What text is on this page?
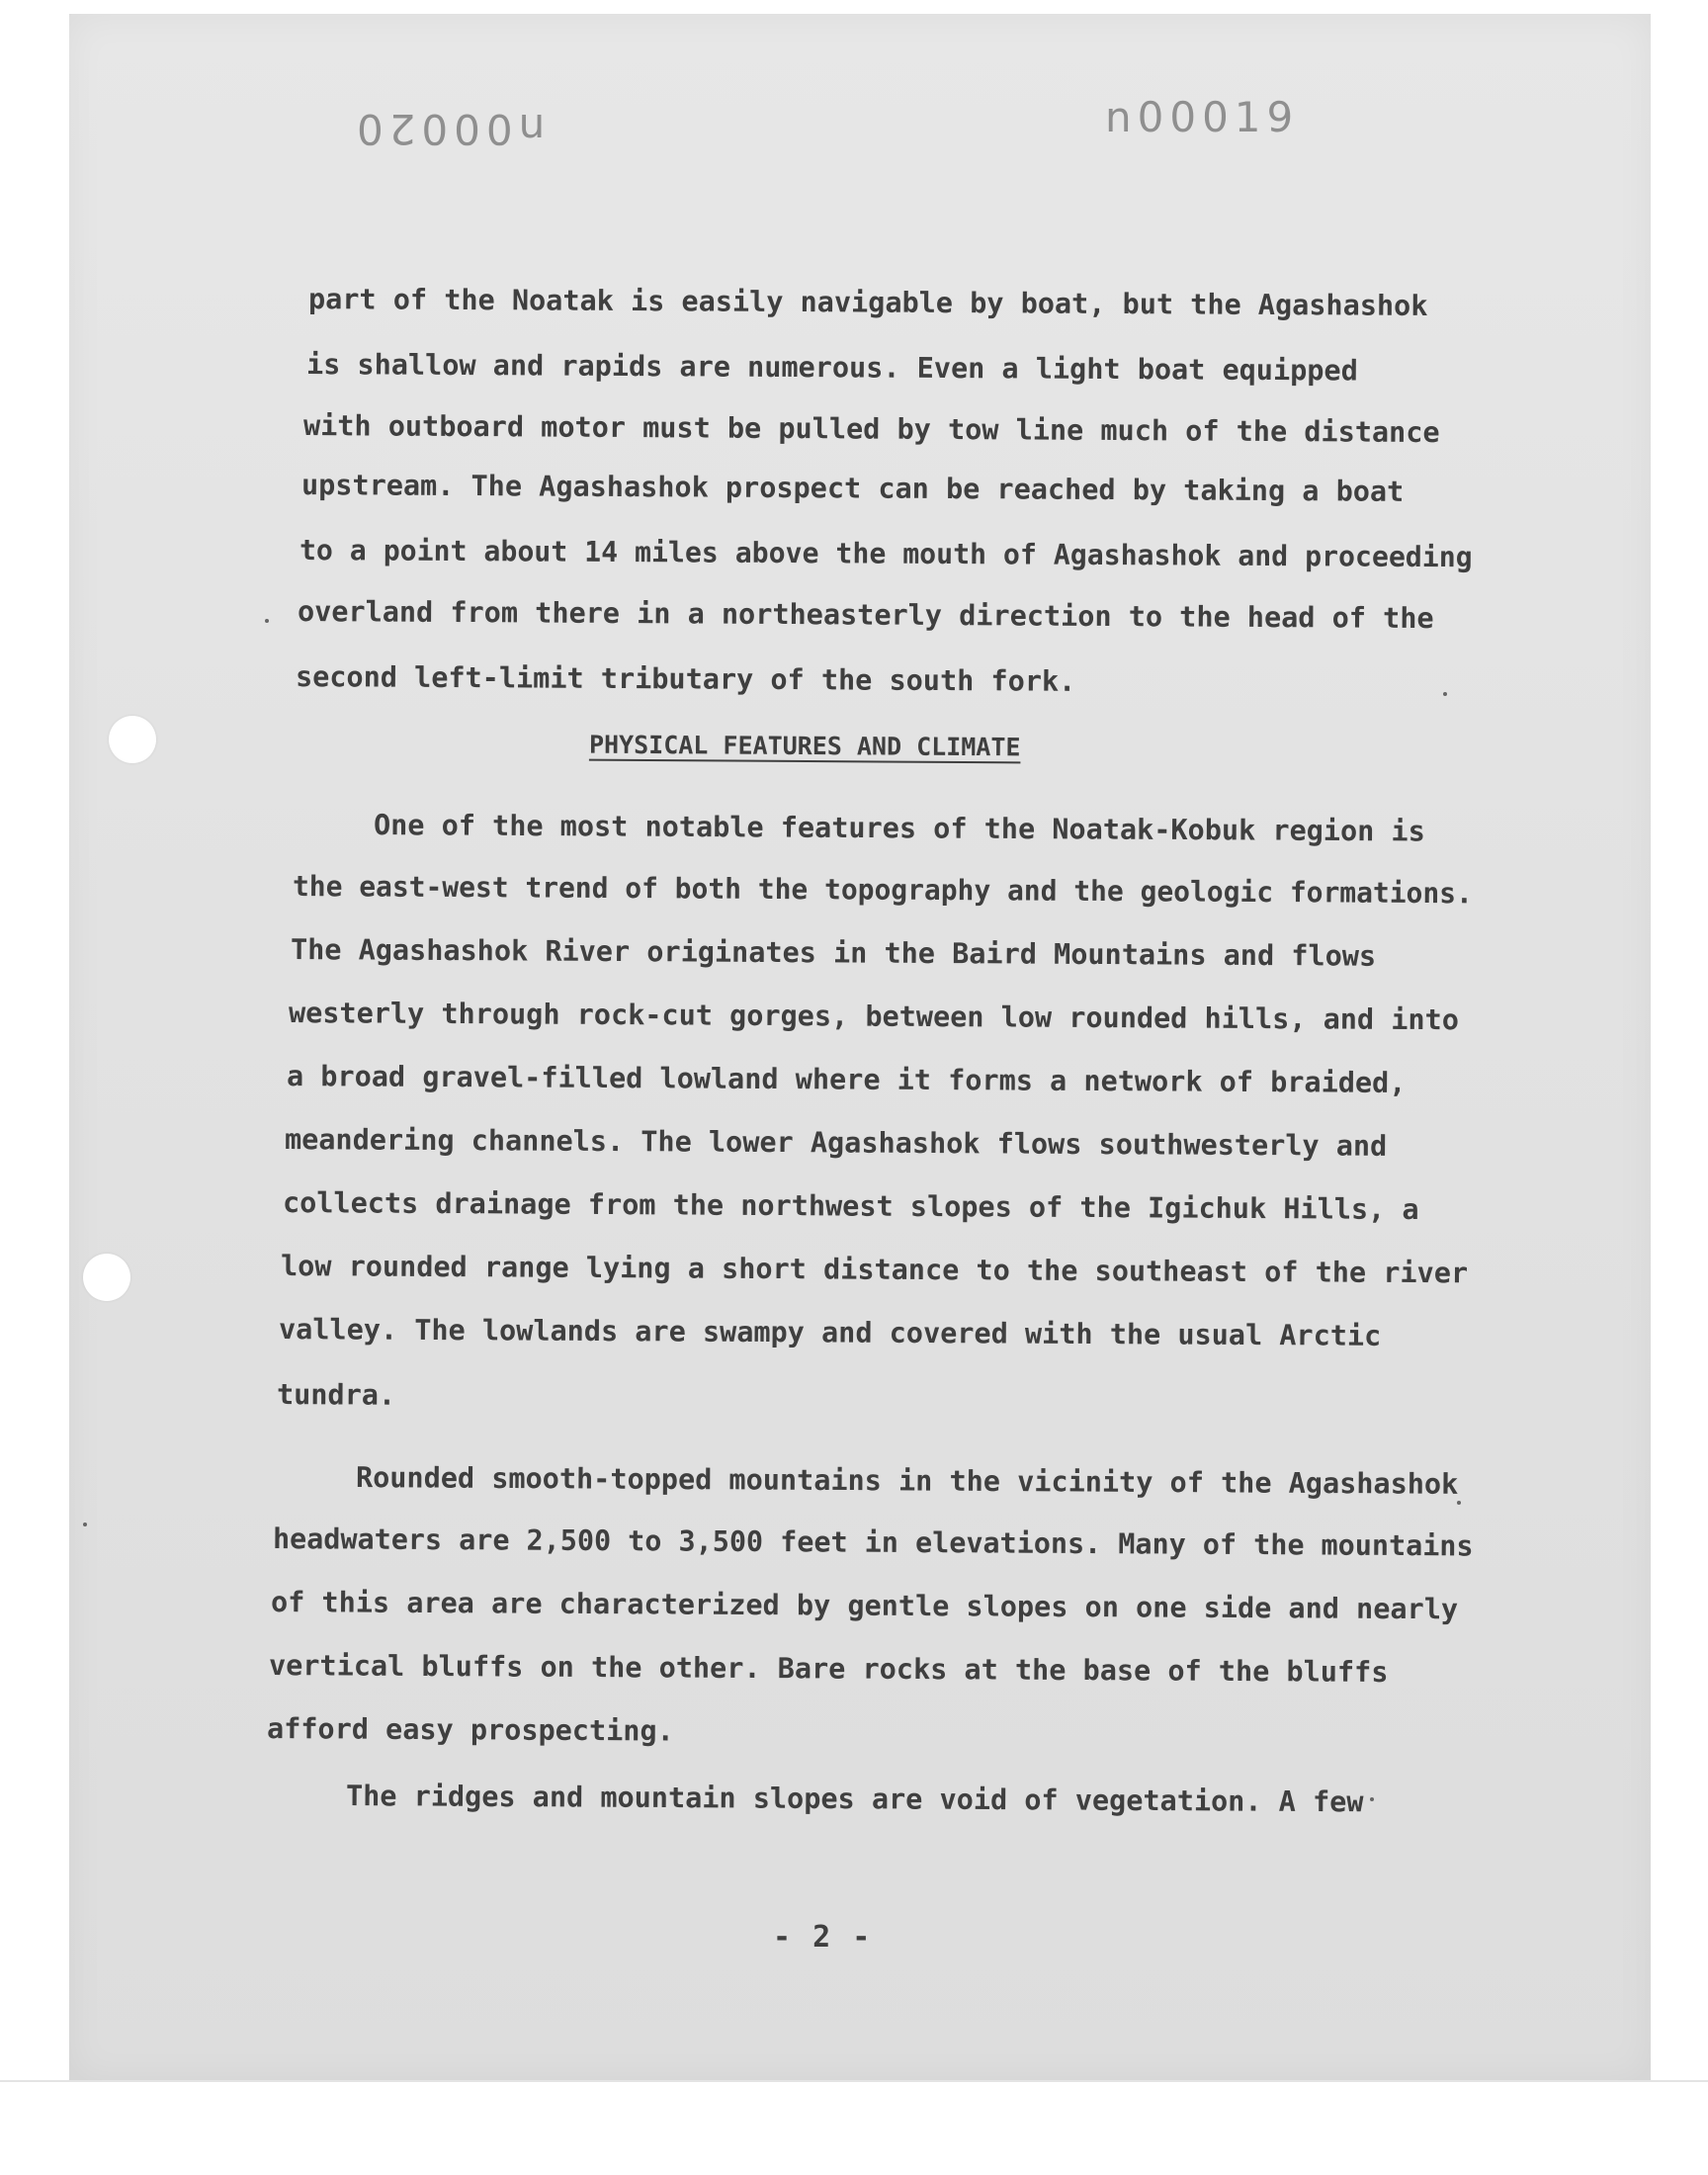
n00020	n00019
part of the Noatak is easily navigable by boat, but the Agashashok
is shallow and rapids are numerous. Even a light boat equipped
with outboard motor must be pulled by tow line much of the distance
upstream. The Agashashok prospect can be reached by taking a boat
to a point about 14 miles above the mouth of Agashashok and proceeding
overland from there in a northeasterly direction to the head of the
second left-limit tributary of the south fork.
PHYSICAL FEATURES AND CLIMATE
One of the most notable features of the Noatak-Kobuk region is
the east-west trend of both the topography and the geologic formations.
The Agashashok River originates in the Baird Mountains and flows
westerly through rock-cut gorges, between low rounded hills, and into
a broad gravel-filled lowland where it forms a network of braided,
meandering channels. The lower Agashashok flows southwesterly and
collects drainage from the northwest slopes of the Igichuk Hills, a
low rounded range lying a short distance to the southeast of the river
valley. The lowlands are swampy and covered with the usual Arctic
tundra.
Rounded smooth-topped mountains in the vicinity of the Agashashok
headwaters are 2,500 to 3,500 feet in elevations. Many of the mountains
of this area are characterized by gentle slopes on one side and nearly
vertical bluffs on the other. Bare rocks at the base of the bluffs
afford easy prospecting.
The ridges and mountain slopes are void of vegetation. A few
- 2 -
